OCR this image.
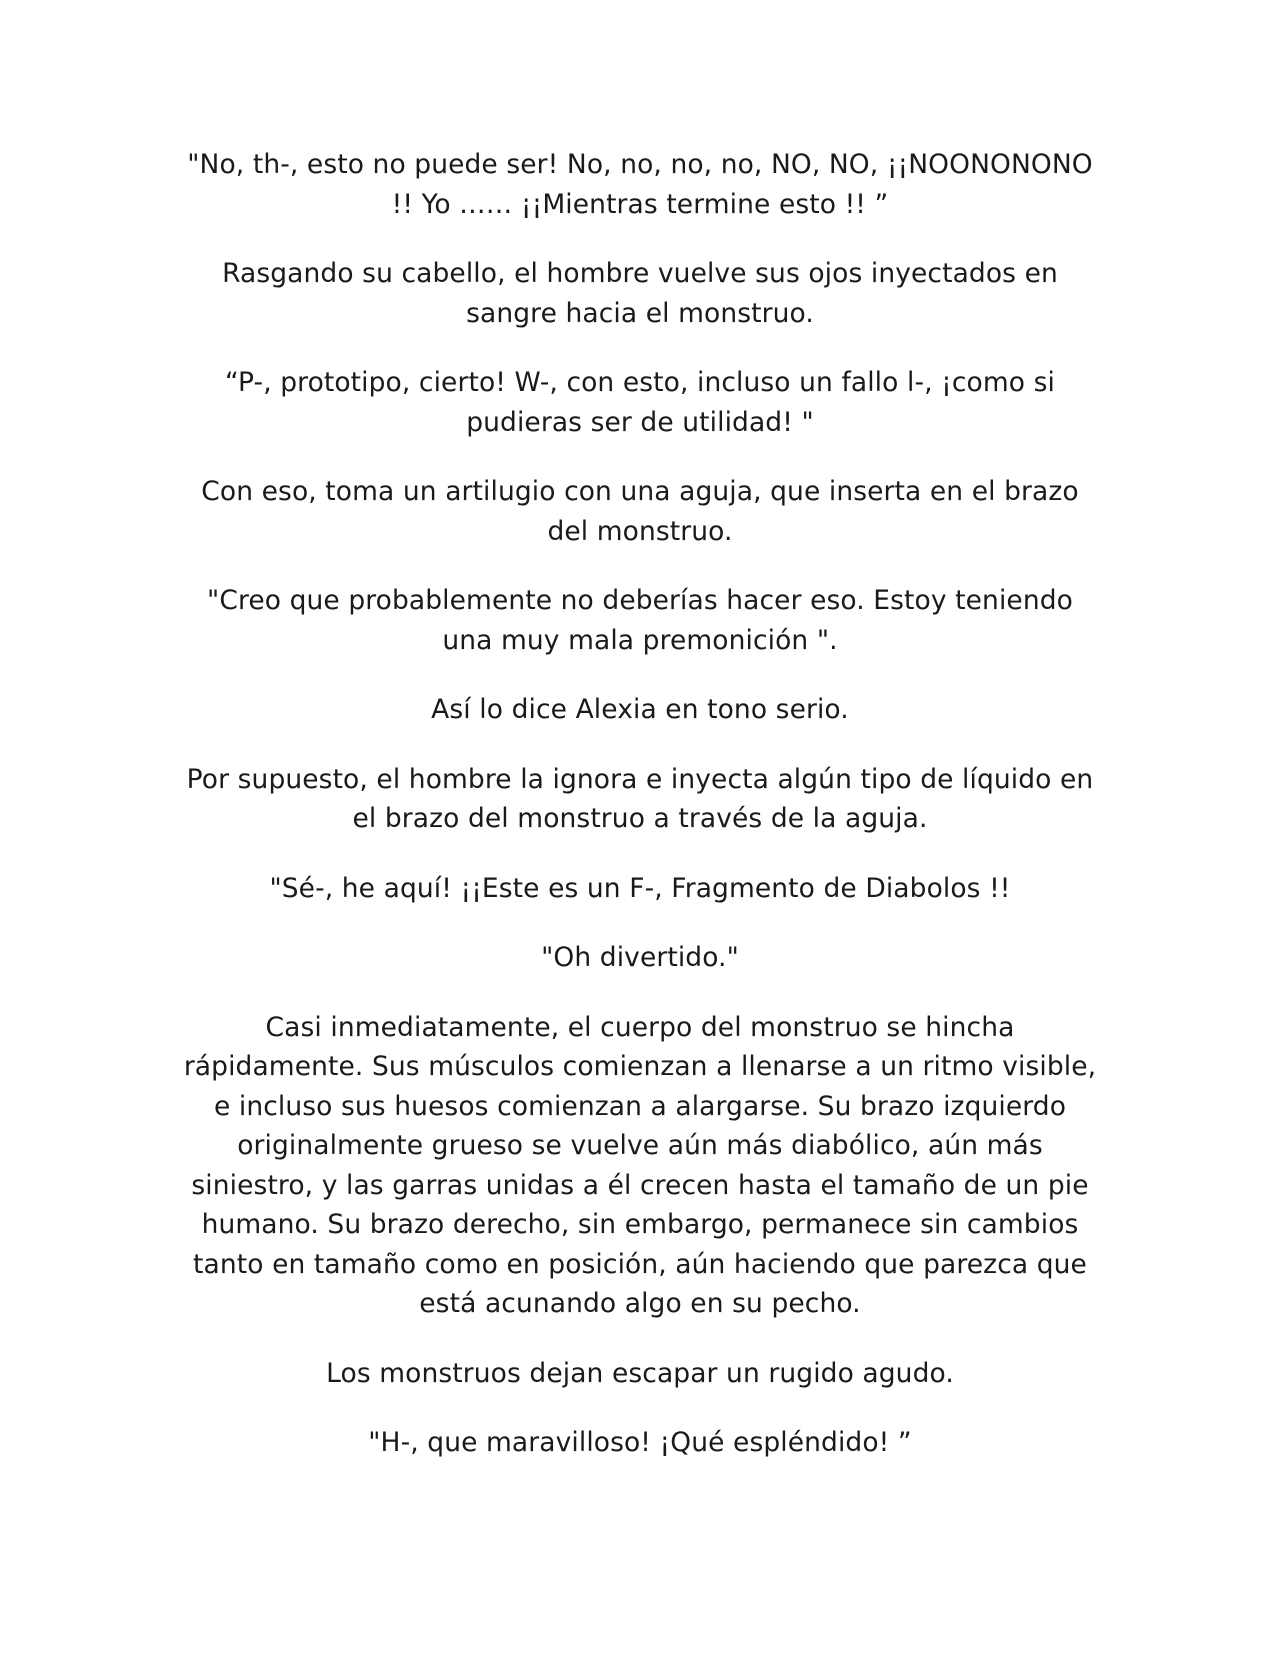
"No, th-, esto no puede ser! No, no, no, no, NO, NO, ¡¡NOONONONO !! Yo …… ¡¡Mientras termine esto !! ”

Rasgando su cabello, el hombre vuelve sus ojos inyectados en sangre hacia el monstruo.

“P-, prototipo, cierto! W-, con esto, incluso un fallo l-, ¡como si pudieras ser de utilidad! "

Con eso, toma un artilugio con una aguja, que inserta en el brazo del monstruo.

"Creo que probablemente no deberías hacer eso. Estoy teniendo una muy mala premonición ".

Así lo dice Alexia en tono serio.

Por supuesto, el hombre la ignora e inyecta algún tipo de líquido en el brazo del monstruo a través de la aguja.

"Sé-, he aquí! ¡¡Este es un F-, Fragmento de Diabolos !!

"Oh divertido."

Casi inmediatamente, el cuerpo del monstruo se hincha rápidamente. Sus músculos comienzan a llenarse a un ritmo visible, e incluso sus huesos comienzan a alargarse. Su brazo izquierdo originalmente grueso se vuelve aún más diabólico, aún más siniestro, y las garras unidas a él crecen hasta el tamaño de un pie humano. Su brazo derecho, sin embargo, permanece sin cambios tanto en tamaño como en posición, aún haciendo que parezca que está acunando algo en su pecho.

Los monstruos dejan escapar un rugido agudo.

"H-, que maravilloso! ¡Qué espléndido! ”
